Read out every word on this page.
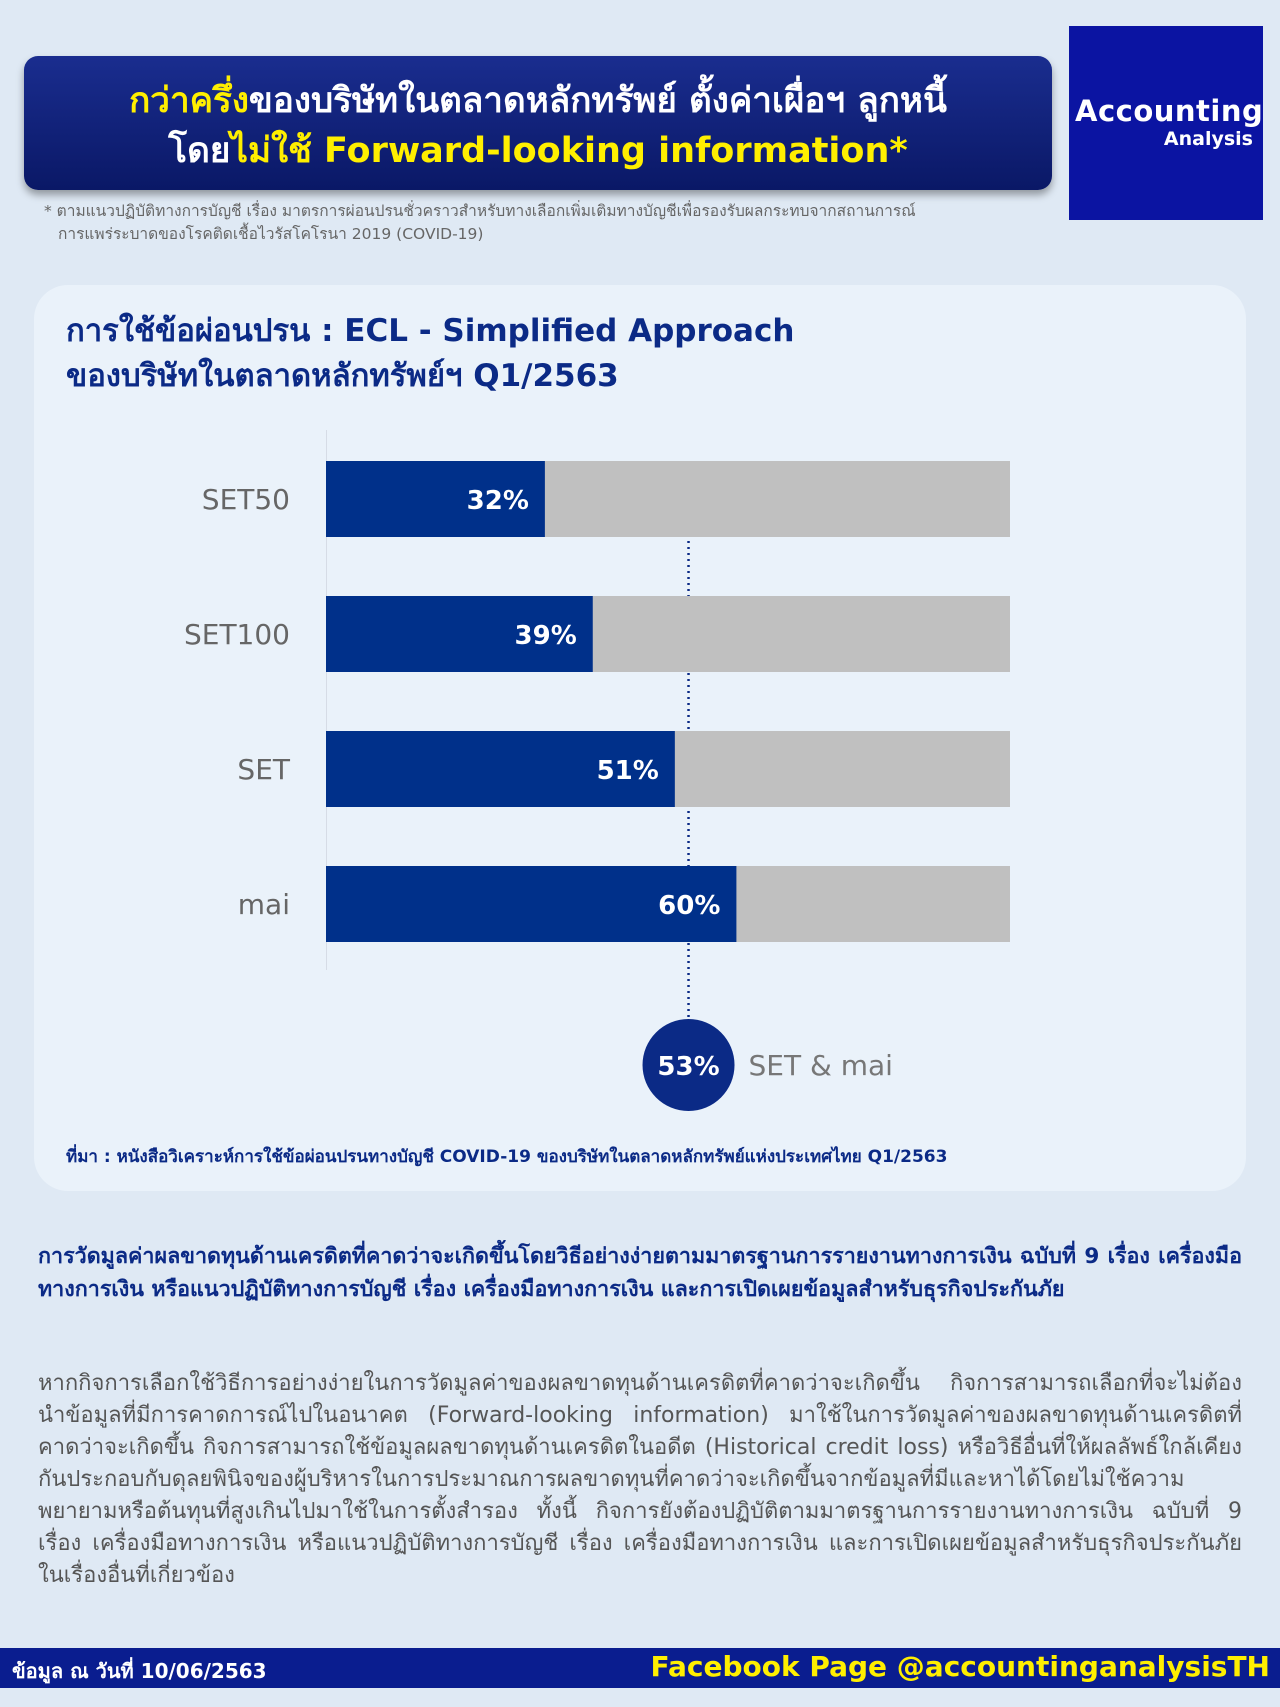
กว่าครึ่งของบริษัทในตลาดหลักทรัพย์ ตั้งค่าเผื่อฯ ลูกหนี้
โดยไม่ใช้ Forward-looking information*
Accounting
Analysis
* ตามแนวปฏิบัติทางการบัญชี เรื่อง มาตรการผ่อนปรนชั่วคราวสำหรับทางเลือกเพิ่มเติมทางบัญชีเพื่อรองรับผลกระทบจากสถานการณ์
การแพร่ระบาดของโรคติดเชื้อไวรัสโคโรนา 2019 (COVID-19)
การใช้ข้อผ่อนปรน : ECL - Simplified Approach
ของบริษัทในตลาดหลักทรัพย์ฯ Q1/2563
SET50	32%
SET100	39%
SET	51%
mai	60%
53% SET & mai
ที่มา : หนังสือวิเคราะห์การใช้ข้อผ่อนปรนทางบัญชี COVID-19 ของบริษัทในตลาดหลักทรัพย์แห่งประเทศไทย Q1/2563
การวัดมูลค่าผลขาดทุนด้านเครดิตที่คาดว่าจะเกิดขึ้นโดยวิธีอย่างง่ายตามมาตรฐานการรายงานทางการเงิน ฉบับที่ 9 เรื่อง เครื่องมือทางการเงิน หรือแนวปฏิบัติทางการบัญชี เรื่อง เครื่องมือทางการเงิน และการเปิดเผยข้อมูลสำหรับธุรกิจประกันภัย
หากกิจการเลือกใช้วิธีการอย่างง่ายในการวัดมูลค่าของผลขาดทุนด้านเครดิตที่คาดว่าจะเกิดขึ้น กิจการสามารถเลือกที่จะไม่ต้องนำข้อมูลที่มีการคาดการณ์ไปในอนาคต (Forward-looking information) มาใช้ในการวัดมูลค่าของผลขาดทุนด้านเครดิตที่คาดว่าจะเกิดขึ้น กิจการสามารถใช้ข้อมูลผลขาดทุนด้านเครดิตในอดีต (Historical credit loss) หรือวิธีอื่นที่ให้ผลลัพธ์ใกล้เคียงกันประกอบกับดุลยพินิจของผู้บริหารในการประมาณการผลขาดทุนที่คาดว่าจะเกิดขึ้นจากข้อมูลที่มีและหาได้โดยไม่ใช้ความพยายามหรือต้นทุนที่สูงเกินไปมาใช้ในการตั้งสำรอง ทั้งนี้ กิจการยังต้องปฏิบัติตามมาตรฐานการรายงานทางการเงิน ฉบับที่ 9 เรื่อง เครื่องมือทางการเงิน หรือแนวปฏิบัติทางการบัญชี เรื่อง เครื่องมือทางการเงิน และการเปิดเผยข้อมูลสำหรับธุรกิจประกันภัยในเรื่องอื่นที่เกี่ยวข้อง
ข้อมูล ณ วันที่ 10/06/2563	Facebook Page @accountinganalysisTH
